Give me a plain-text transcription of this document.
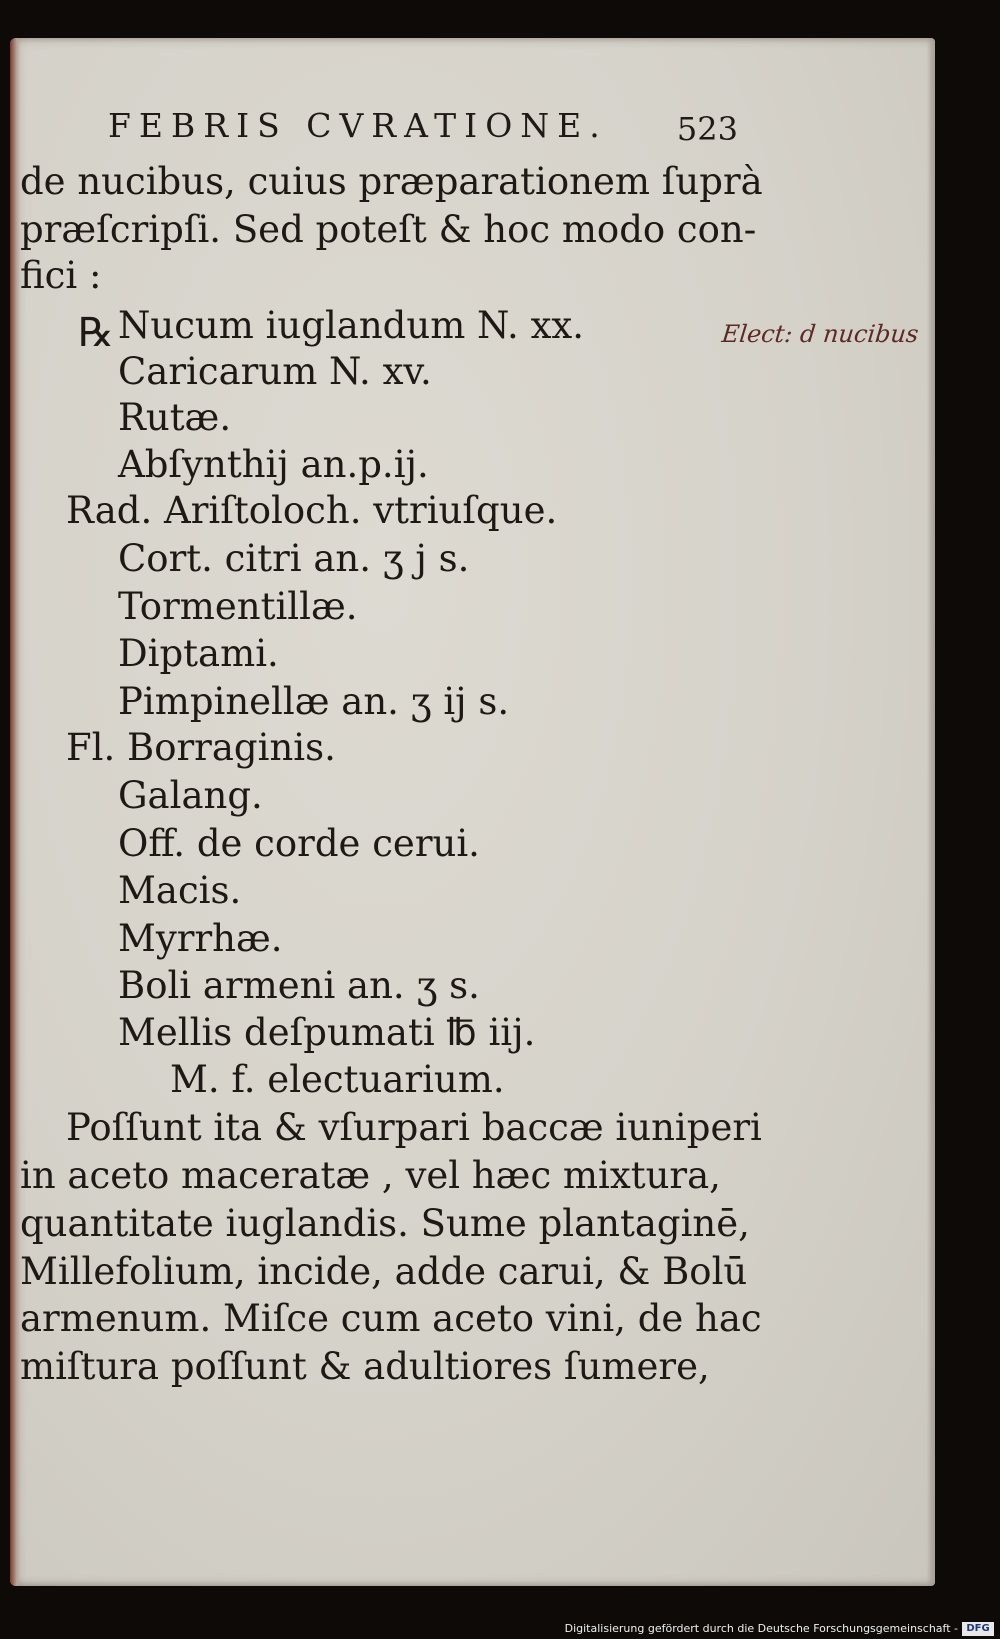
FEBRIS CVRATIONE. 523
de nucibus, cuius præparationem ſuprà
præſcripſi. Sed poteſt & hoc modo con-
fici :
℞ Nucum iuglandum N. xx.
Caricarum N. xv.
Rutæ.
Abſynthij an.p.ij.
Rad. Ariſtoloch. vtriuſque.
Cort. citri an. ʒ j s.
Tormentillæ.
Diptami.
Pimpinellæ an. ʒ ij s.
Fl. Borraginis.
Galang.
Off. de corde cerui.
Macis.
Myrrhæ.
Boli armeni an. ʒ s.
Mellis deſpumati ℔ iij.
M. f. electuarium.
Elect: d nucibus
Poſſunt ita & vſurpari baccæ iuniperi
in aceto maceratæ , vel hæc mixtura,
quantitate iuglandis. Sume plantaginē,
Millefolium, incide, adde carui, & Bolū
armenum. Miſce cum aceto vini, de hac
miſtura poſſunt & adultiores ſumere,
Digitalisierung gefördert durch die Deutsche Forschungsgemeinschaft - DFG
